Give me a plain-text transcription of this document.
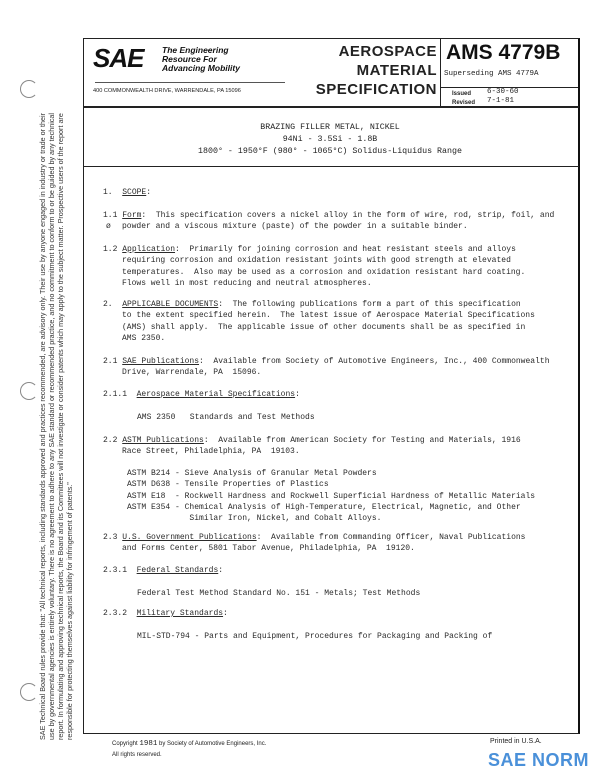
SAE Technical Board rules provide that: "All technical reports, including standards approved and practices recommended, are advisory only. Their use by anyone engaged in industry or trade or their use by governmental agencies is entirely voluntary. There is no agreement to adhere to any SAE standard or recommended practice, and no commitment to conform to or be guided by any technical report. In formulating and approving technical reports, the Board and its Committees will not investigate or consider patents which may apply to the subject matter. Prospective users of the report are responsible for protecting themselves against liability for infringement of patents."
SAE The Engineering
Resource For
Advancing Mobility
400 COMMONWEALTH DRIVE, WARRENDALE, PA 15096
AEROSPACE
MATERIAL
SPECIFICATION
AMS 4779B
Superseding AMS 4779A
Issued 6-30-60
Revised 7-1-81
BRAZING FILLER METAL, NICKEL
94Ni - 3.5Si - 1.8B
1800° - 1950°F (980° - 1065°C) Solidus-Liquidus Range
1. SCOPE:
1.1 Form:  This specification covers a nickel alloy in the form of wire, rod, strip, foil, and
ø powder and a viscous mixture (paste) of the powder in a suitable binder.
1.2 Application:  Primarily for joining corrosion and heat resistant steels and alloys
requiring corrosion and oxidation resistant joints with good strength at elevated
temperatures.  Also may be used as a corrosion and oxidation resistant hard coating.
Flows well in most reducing and neutral atmospheres.
2. APPLICABLE DOCUMENTS:  The following publications form a part of this specification
to the extent specified herein.  The latest issue of Aerospace Material Specifications
(AMS) shall apply.  The applicable issue of other documents shall be as specified in
AMS 2350.
2.1 SAE Publications:  Available from Society of Automotive Engineers, Inc., 400 Commonwealth
Drive, Warrendale, PA  15096.
2.1.1 Aerospace Material Specifications:
AMS 2350   Standards and Test Methods
2.2 ASTM Publications:  Available from American Society for Testing and Materials, 1916
Race Street, Philadelphia, PA  19103.
ASTM B214 - Sieve Analysis of Granular Metal Powders
ASTM D638 - Tensile Properties of Plastics
ASTM E18  - Rockwell Hardness and Rockwell Superficial Hardness of Metallic Materials
ASTM E354 - Chemical Analysis of High-Temperature, Electrical, Magnetic, and Other
Similar Iron, Nickel, and Cobalt Alloys.
2.3 U.S. Government Publications:  Available from Commanding Officer, Naval Publications
and Forms Center, 5801 Tabor Avenue, Philadelphia, PA  19120.
2.3.1 Federal Standards:
Federal Test Method Standard No. 151 - Metals; Test Methods
2.3.2 Military Standards:
MIL-STD-794 - Parts and Equipment, Procedures for Packaging and Packing of
Copyright 1981 by Society of Automotive Engineers, Inc.
All rights reserved.
Printed in U.S.A.
SAE NORM
